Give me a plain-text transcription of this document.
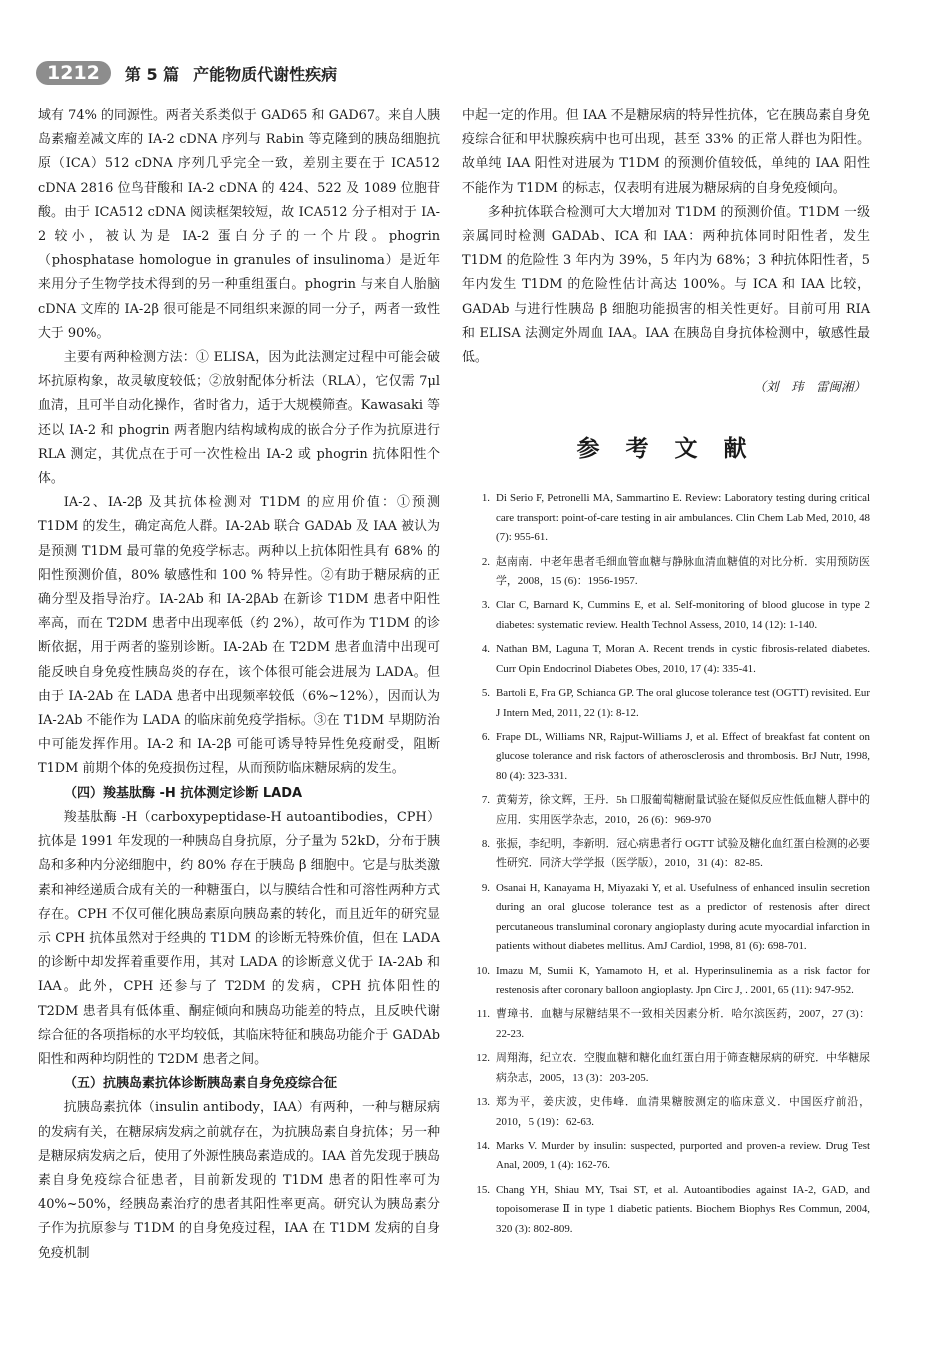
1212	第 5 篇 产能物质代谢性疾病

域有 74% 的同源性。两者关系类似于 GAD65 和 GAD67。来自人胰岛素瘤差减文库的 IA-2 cDNA 序列与 Rabin 等克隆到的胰岛细胞抗原（ICA）512 cDNA 序列几乎完全一致，差别主要在于 ICA512 cDNA 2816 位鸟苷酸和 IA-2 cDNA 的 424、522 及 1089 位胞苷酸。由于 ICA512 cDNA 阅读框架较短，故 ICA512 分子相对于 IA-2 较小，被认为是 IA-2 蛋白分子的一个片段。phogrin（phosphatase homologue in granules of insulinoma）是近年来用分子生物学技术得到的另一种重组蛋白。phogrin 与来自人胎脑 cDNA 文库的 IA-2β 很可能是不同组织来源的同一分子，两者一致性大于 90%。

主要有两种检测方法：① ELISA，因为此法测定过程中可能会破坏抗原构象，故灵敏度较低；②放射配体分析法（RLA），它仅需 7μl 血清，且可半自动化操作，省时省力，适于大规模筛查。Kawasaki 等还以 IA-2 和 phogrin 两者胞内结构域构成的嵌合分子作为抗原进行 RLA 测定，其优点在于可一次性检出 IA-2 或 phogrin 抗体阳性个体。

IA-2、IA-2β 及其抗体检测对 T1DM 的应用价值：①预测 T1DM 的发生，确定高危人群。IA-2Ab 联合 GADAb 及 IAA 被认为是预测 T1DM 最可靠的免疫学标志。两种以上抗体阳性具有 68% 的阳性预测价值，80% 敏感性和 100 % 特异性。②有助于糖尿病的正确分型及指导治疗。IA-2Ab 和 IA-2βAb 在新诊 T1DM 患者中阳性率高，而在 T2DM 患者中出现率低（约 2%），故可作为 T1DM 的诊断依据，用于两者的鉴别诊断。IA-2Ab 在 T2DM 患者血清中出现可能反映自身免疫性胰岛炎的存在，该个体很可能会进展为 LADA。但由于 IA-2Ab 在 LADA 患者中出现频率较低（6%~12%），因而认为 IA-2Ab 不能作为 LADA 的临床前免疫学指标。③在 T1DM 早期防治中可能发挥作用。IA-2 和 IA-2β 可能可诱导特异性免疫耐受，阻断 T1DM 前期个体的免疫损伤过程，从而预防临床糖尿病的发生。

（四）羧基肽酶 -H 抗体测定诊断 LADA

羧基肽酶 -H（carboxypeptidase-H autoantibodies，CPH）抗体是 1991 年发现的一种胰岛自身抗原，分子量为 52kD，分布于胰岛和多种内分泌细胞中，约 80% 存在于胰岛 β 细胞中。它是与肽类激素和神经递质合成有关的一种糖蛋白，以与膜结合性和可溶性两种方式存在。CPH 不仅可催化胰岛素原向胰岛素的转化，而且近年的研究显示 CPH 抗体虽然对于经典的 T1DM 的诊断无特殊价值，但在 LADA 的诊断中却发挥着重要作用，其对 LADA 的诊断意义优于 IA-2Ab 和 IAA。此外，CPH 还参与了 T2DM 的发病，CPH 抗体阳性的 T2DM 患者具有低体重、酮症倾向和胰岛功能差的特点，且反映代谢综合征的各项指标的水平均较低，其临床特征和胰岛功能介于 GADAb 阳性和两种均阴性的 T2DM 患者之间。

（五）抗胰岛素抗体诊断胰岛素自身免疫综合征

抗胰岛素抗体（insulin antibody，IAA）有两种，一种与糖尿病的发病有关，在糖尿病发病之前就存在，为抗胰岛素自身抗体；另一种是糖尿病发病之后，使用了外源性胰岛素造成的。IAA 首先发现于胰岛素自身免疫综合征患者，目前新发现的 T1DM 患者的阳性率可为 40%~50%，经胰岛素治疗的患者其阳性率更高。研究认为胰岛素分子作为抗原参与 T1DM 的自身免疫过程，IAA 在 T1DM 发病的自身免疫机制

中起一定的作用。但 IAA 不是糖尿病的特异性抗体，它在胰岛素自身免疫综合征和甲状腺疾病中也可出现，甚至 33% 的正常人群也为阳性。故单纯 IAA 阳性对进展为 T1DM 的预测价值较低，单纯的 IAA 阳性不能作为 T1DM 的标志，仅表明有进展为糖尿病的自身免疫倾向。

多种抗体联合检测可大大增加对 T1DM 的预测价值。T1DM 一级亲属同时检测 GADAb、ICA 和 IAA：两种抗体同时阳性者，发生 T1DM 的危险性 3 年内为 39%，5 年内为 68%；3 种抗体阳性者，5 年内发生 T1DM 的危险性估计高达 100%。与 ICA 和 IAA 比较，GADAb 与进行性胰岛 β 细胞功能损害的相关性更好。目前可用 RIA 和 ELISA 法测定外周血 IAA。IAA 在胰岛自身抗体检测中，敏感性最低。

（刘　玮　雷闽湘）
参 考 文 献
1. Di Serio F, Petronelli MA, Sammartino E. Review: Laboratory testing during critical care transport: point-of-care testing in air ambulances. Clin Chem Lab Med, 2010, 48 (7): 955-61.
2. 赵南南．中老年患者毛细血管血糖与静脉血清血糖值的对比分析．实用预防医学，2008，15 (6)：1956-1957.
3. Clar C, Barnard K, Cummins E, et al. Self-monitoring of blood glucose in type 2 diabetes: systematic review. Health Technol Assess, 2010, 14 (12): 1-140.
4. Nathan BM, Laguna T, Moran A. Recent trends in cystic fibrosis-related diabetes. Curr Opin Endocrinol Diabetes Obes, 2010, 17 (4): 335-41.
5. Bartoli E, Fra GP, Schianca GP. The oral glucose tolerance test (OGTT) revisited. Eur J Intern Med, 2011, 22 (1): 8-12.
6. Frape DL, Williams NR, Rajput-Williams J, et al. Effect of breakfast fat content on glucose tolerance and risk factors of atherosclerosis and thrombosis. BrJ Nutr, 1998, 80 (4): 323-331.
7. 黄菊芳，徐文辉，王丹．5h 口服葡萄糖耐量试验在疑似反应性低血糖人群中的应用．实用医学杂志，2010，26 (6)：969-970
8. 张振，李纪明，李新明．冠心病患者行 OGTT 试验及糖化血红蛋白检测的必要性研究．同济大学学报（医学版），2010，31 (4)：82-85.
9. Osanai H, Kanayama H, Miyazaki Y, et al. Usefulness of enhanced insulin secretion during an oral glucose tolerance test as a predictor of restenosis after direct percutaneous transluminal coronary angioplasty during acute myocardial infarction in patients without diabetes mellitus. AmJ Cardiol, 1998, 81 (6): 698-701.
10. Imazu M, Sumii K, Yamamoto H, et al. Hyperinsulinemia as a risk factor for restenosis after coronary balloon angioplasty. Jpn Circ J, . 2001, 65 (11): 947-952.
11. 曹璋书．血糖与尿糖结果不一致相关因素分析．哈尔滨医药，2007，27 (3)：22-23.
12. 周翔海，纪立农．空腹血糖和糖化血红蛋白用于筛查糖尿病的研究．中华糖尿病杂志，2005，13 (3)：203-205.
13. 郑为平，姜庆波，史伟峰．血清果糖胺测定的临床意义．中国医疗前沿，2010，5 (19)：62-63.
14. Marks V. Murder by insulin: suspected, purported and proven-a review. Drug Test Anal, 2009, 1 (4): 162-76.
15. Chang YH, Shiau MY, Tsai ST, et al. Autoantibodies against IA-2, GAD, and topoisomerase Ⅱ in type 1 diabetic patients. Biochem Biophys Res Commun, 2004, 320 (3): 802-809.
